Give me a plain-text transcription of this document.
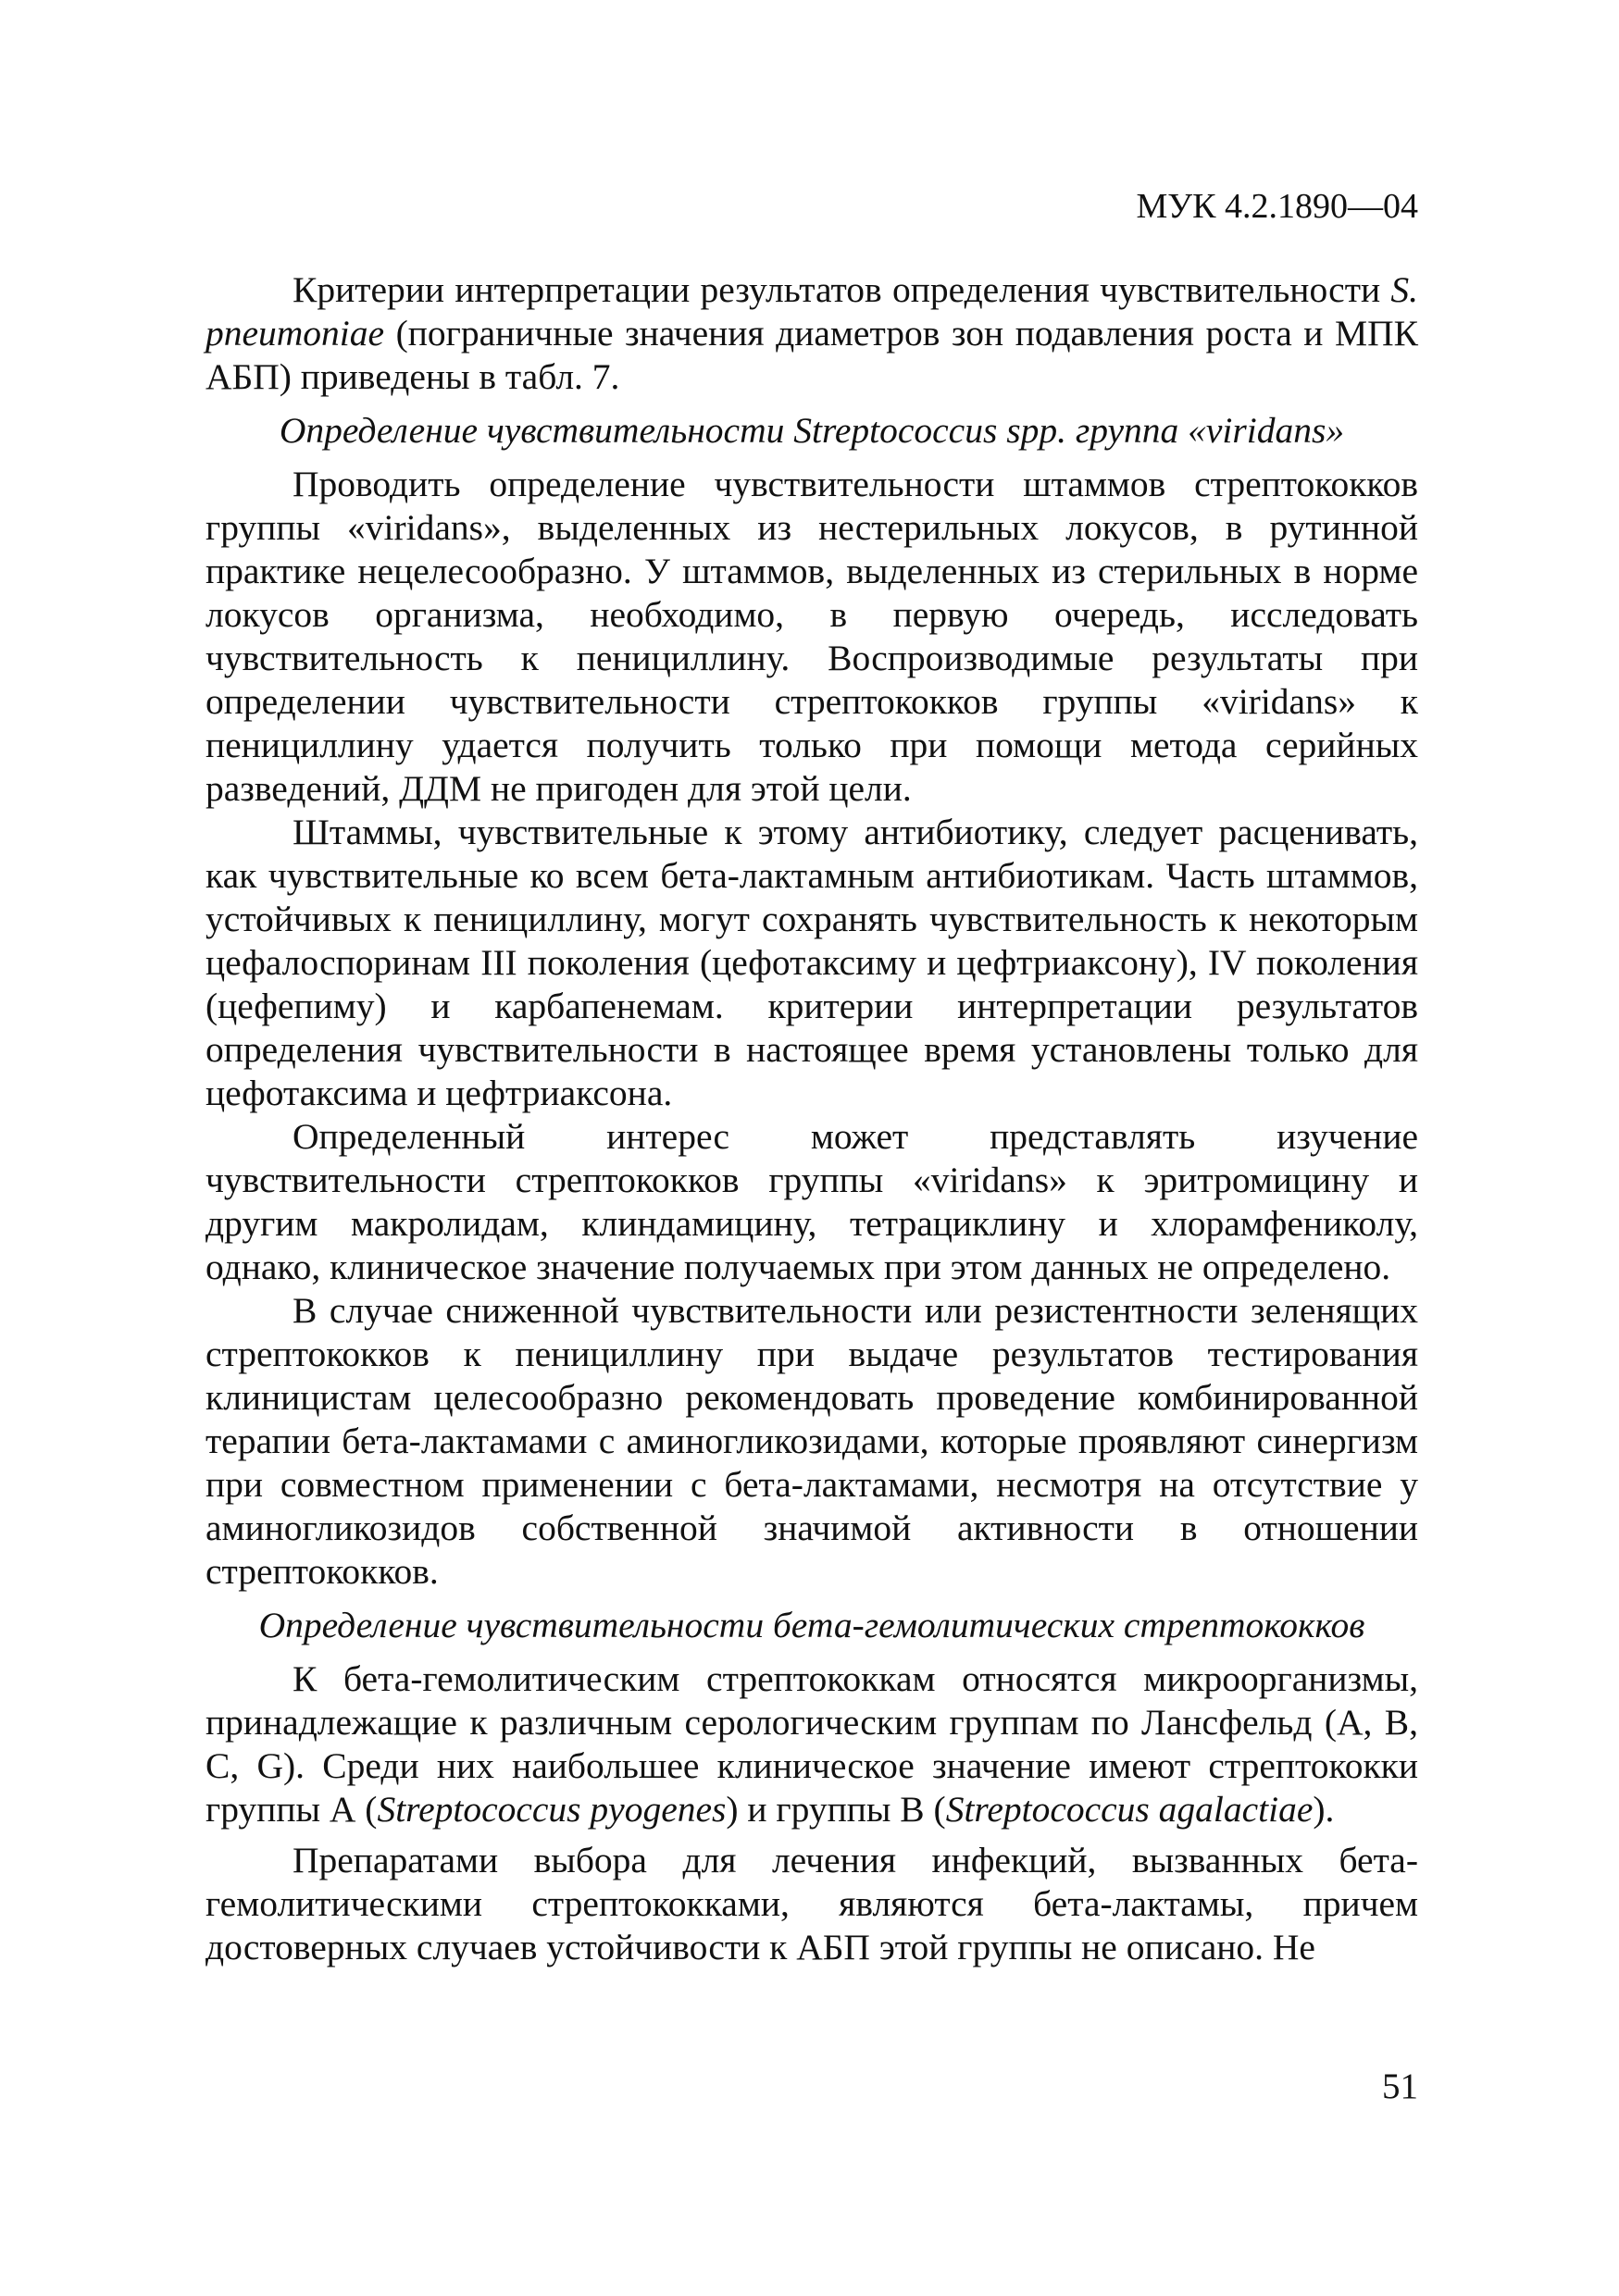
МУК 4.2.1890—04

Критерии интерпретации результатов определения чувствительности S. pneumoniae (пограничные значения диаметров зон подавления роста и МПК АБП) приведены в табл. 7.

Определение чувствительности Streptococcus spp. группа «viridans»

Проводить определение чувствительности штаммов стрептококков группы «viridans», выделенных из нестерильных локусов, в рутинной практике нецелесообразно. У штаммов, выделенных из стерильных в норме локусов организма, необходимо, в первую очередь, исследовать чувствительность к пенициллину. Воспроизводимые результаты при определении чувствительности стрептококков группы «viridans» к пенициллину удается получить только при помощи метода серийных разведений, ДДМ не пригоден для этой цели.

Штаммы, чувствительные к этому антибиотику, следует расценивать, как чувствительные ко всем бета-лактамным антибиотикам. Часть штаммов, устойчивых к пенициллину, могут сохранять чувствительность к некоторым цефалоспоринам III поколения (цефотаксиму и цефтриаксону), IV поколения (цефепиму) и карбапенемам. критерии интерпретации результатов определения чувствительности в настоящее время установлены только для цефотаксима и цефтриаксона.

Определенный интерес может представлять изучение чувствительности стрептококков группы «viridans» к эритромицину и другим макролидам, клиндамицину, тетрациклину и хлорамфениколу, однако, клиническое значение получаемых при этом данных не определено.

В случае сниженной чувствительности или резистентности зеленящих стрептококков к пенициллину при выдаче результатов тестирования клиницистам целесообразно рекомендовать проведение комбинированной терапии бета-лактамами с аминогликозидами, которые проявляют синергизм при совместном применении с бета-лактамами, несмотря на отсутствие у аминогликозидов собственной значимой активности в отношении стрептококков.

Определение чувствительности бета-гемолитических стрептококков

К бета-гемолитическим стрептококкам относятся микроорганизмы, принадлежащие к различным серологическим группам по Лансфельд (A, B, C, G). Среди них наибольшее клиническое значение имеют стрептококки группы А (Streptococcus pyogenes) и группы В (Streptococcus agalactiae).

Препаратами выбора для лечения инфекций, вызванных бета-гемолитическими стрептококками, являются бета-лактамы, причем достоверных случаев устойчивости к АБП этой группы не описано. Не

51
